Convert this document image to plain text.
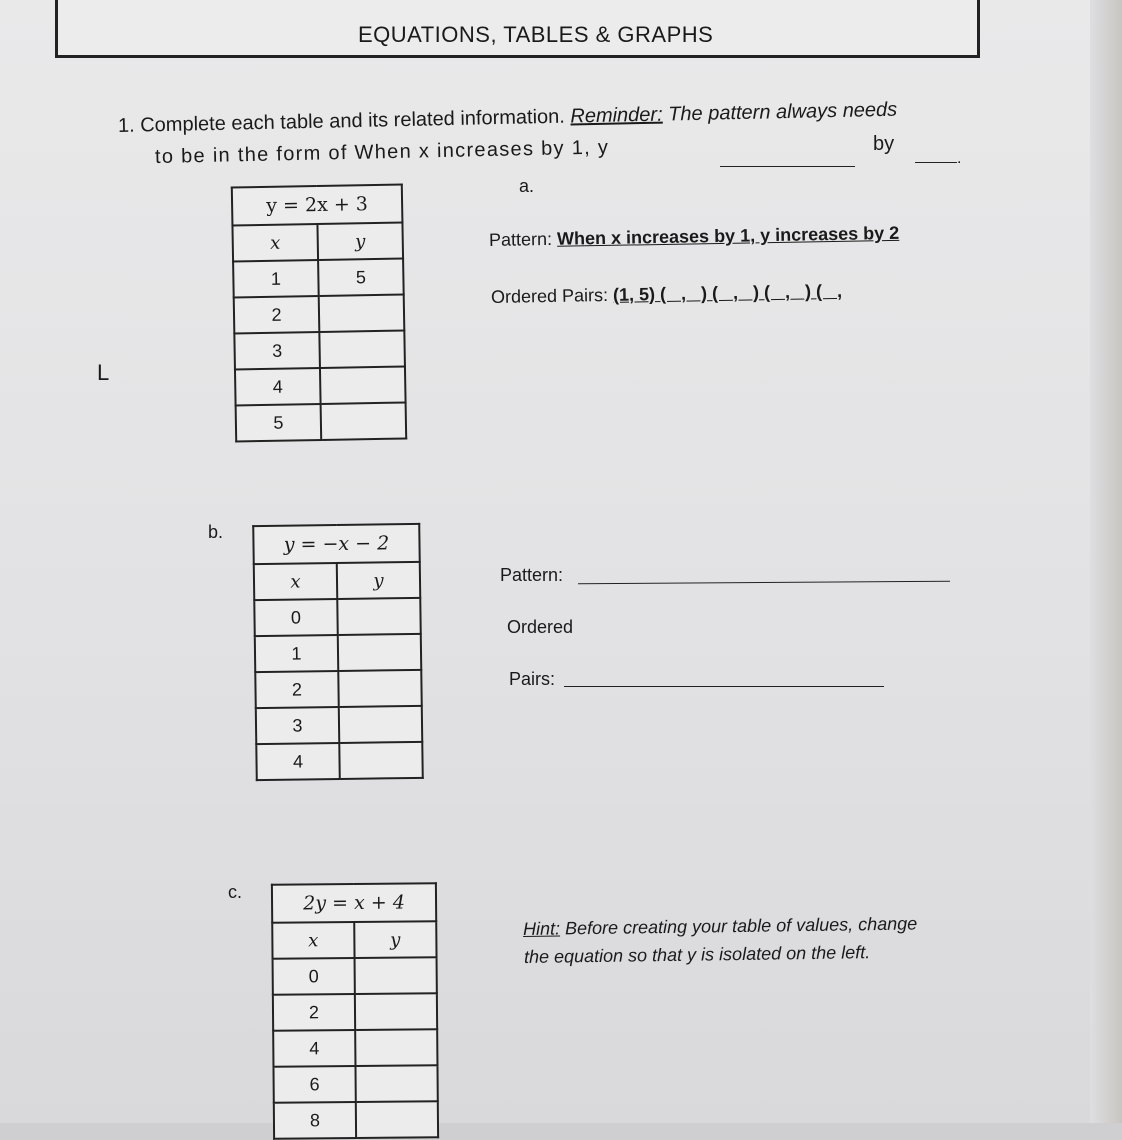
EQUATIONS, TABLES & GRAPHS
1. Complete each table and its related information. Reminder: The pattern always needs
to be in the form of When x increases by 1, y	by
.
L
a.
y = 2x + 3	
x	y
1	5
2	
3	
4	
5	
Pattern: When x increases by 1, y increases by 2
Ordered Pairs: (1, 5) (   ,   ) (   ,   ) (   ,   ) (   ,
b.
y = −x − 2	
x	y
0	
1	
2	
3	
4	
Pattern:
Ordered
Pairs:
c.	2y = x + 4	
x	y
0	
2	
4	
6	
8	
Hint: Before creating your table of values, change
the equation so that y is isolated on the left.
